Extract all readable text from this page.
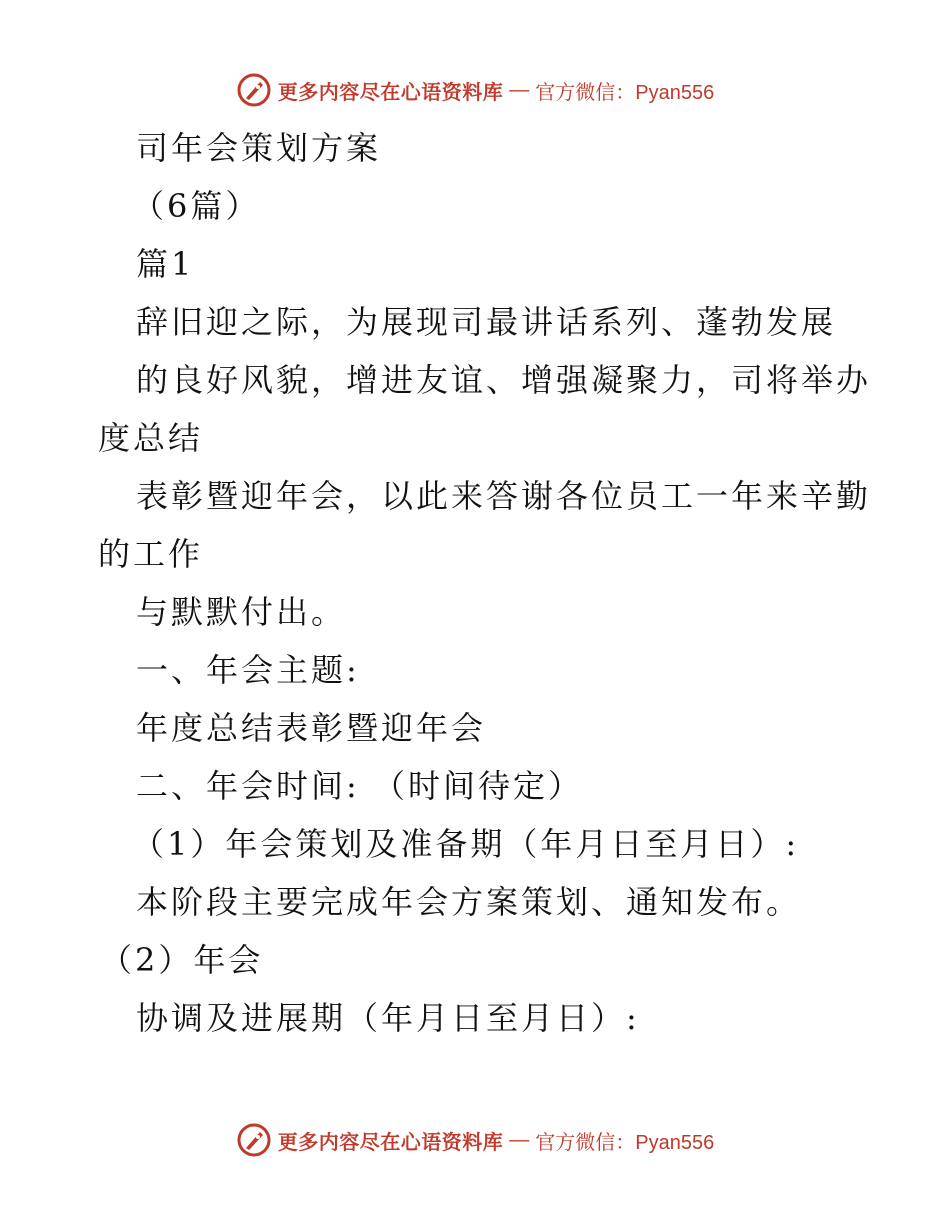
更多内容尽在心语资料库 — 官方微信：Pyan556
司年会策划方案
（6篇）
篇1
辞旧迎之际，为展现司最讲话系列、蓬勃发展
的良好风貌，增进友谊、增强凝聚力，司将举办
度总结
表彰暨迎年会，以此来答谢各位员工一年来辛勤
的工作
与默默付出。
一、年会主题:
年度总结表彰暨迎年会
二、年会时间: （时间待定）
（1）年会策划及准备期（年月日至月日）:
本阶段主要完成年会方案策划、通知发布。
（2）年会
协调及进展期（年月日至月日）:
更多内容尽在心语资料库 — 官方微信：Pyan556
